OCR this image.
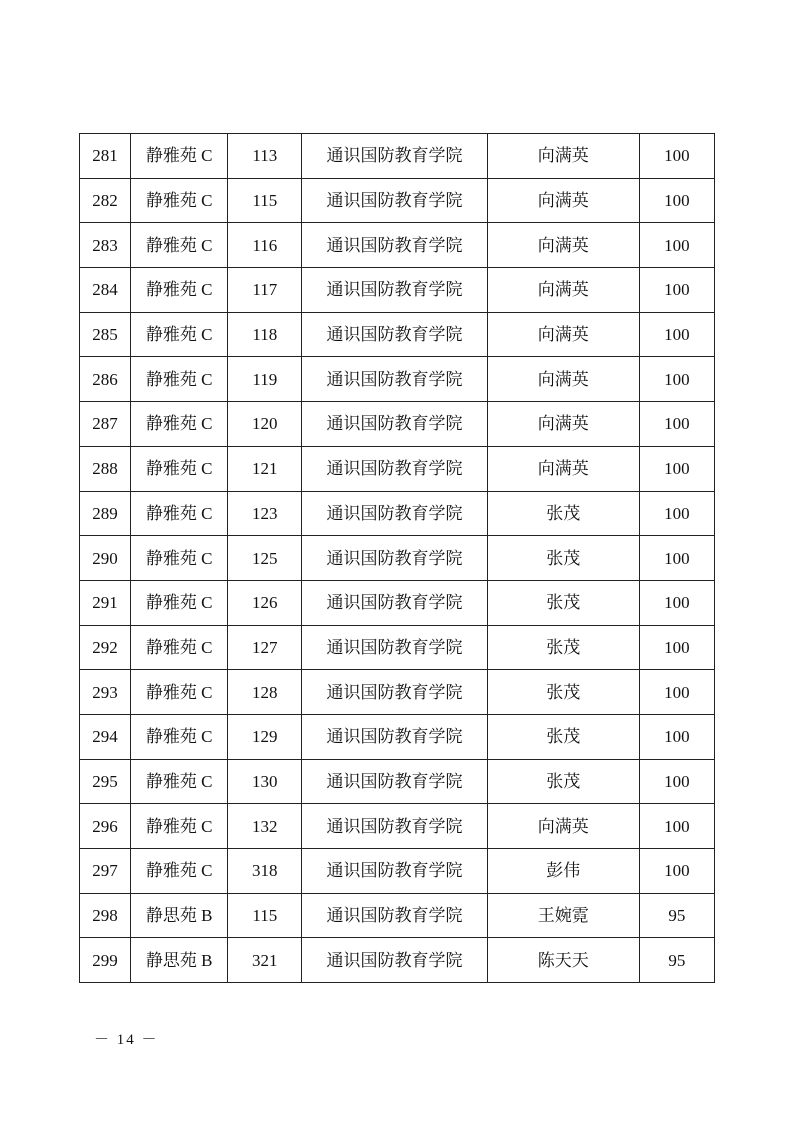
281	静雅苑 C	113	通识国防教育学院	向满英	100
282	静雅苑 C	115	通识国防教育学院	向满英	100
283	静雅苑 C	116	通识国防教育学院	向满英	100
284	静雅苑 C	117	通识国防教育学院	向满英	100
285	静雅苑 C	118	通识国防教育学院	向满英	100
286	静雅苑 C	119	通识国防教育学院	向满英	100
287	静雅苑 C	120	通识国防教育学院	向满英	100
288	静雅苑 C	121	通识国防教育学院	向满英	100
289	静雅苑 C	123	通识国防教育学院	张茂	100
290	静雅苑 C	125	通识国防教育学院	张茂	100
291	静雅苑 C	126	通识国防教育学院	张茂	100
292	静雅苑 C	127	通识国防教育学院	张茂	100
293	静雅苑 C	128	通识国防教育学院	张茂	100
294	静雅苑 C	129	通识国防教育学院	张茂	100
295	静雅苑 C	130	通识国防教育学院	张茂	100
296	静雅苑 C	132	通识国防教育学院	向满英	100
297	静雅苑 C	318	通识国防教育学院	彭伟	100
298	静思苑 B	115	通识国防教育学院	王婉霓	95
299	静思苑 B	321	通识国防教育学院	陈天天	95
－ 14 －
